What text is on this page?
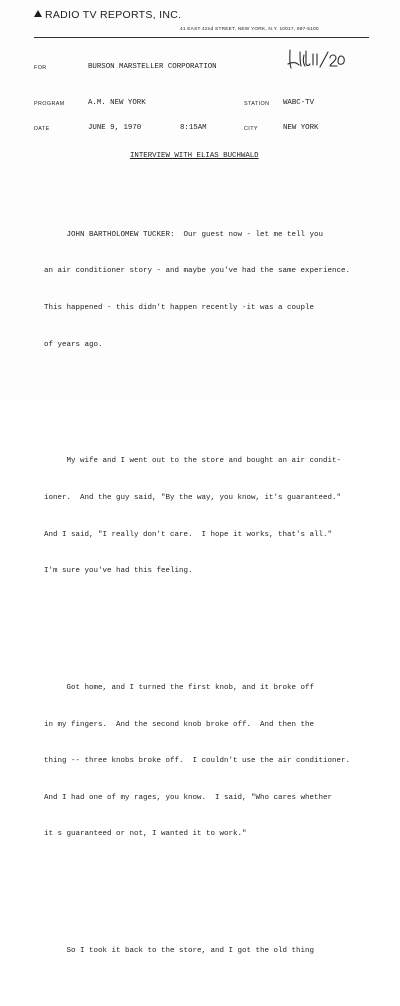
RADIO TV REPORTS, INC.
41 EAST 42nd STREET, NEW YORK, N.Y. 10017, 697-5100
FOR	BURSON MARSTELLER CORPORATION
PROGRAM	A.M. NEW YORK	STATION WABC-TV
DATE	JUNE 9, 1970	8:15AM	CITY	NEW YORK
INTERVIEW WITH ELIAS BUCHWALD

JOHN BARTHOLOMEW TUCKER:  Our guest now - let me tell you

an air conditioner story - and maybe you've had the same experience.

This happened - this didn't happen recently -it was a couple

of years ago.

My wife and I went out to the store and bought an air condit-

ioner.  And the guy said, "By the way, you know, it's guaranteed."

And I said, "I really don't care.  I hope it works, that's all."

I'm sure you've had this feeling.

Got home, and I turned the first knob, and it broke off

in my fingers.  And the second knob broke off.  And then the

thing -- three knobs broke off.  I couldn't use the air conditioner.

And I had one of my rages, you know.  I said, "Who cares whether

it s guaranteed or not, I wanted it to work."

So I took it back to the store, and I got the old thing
